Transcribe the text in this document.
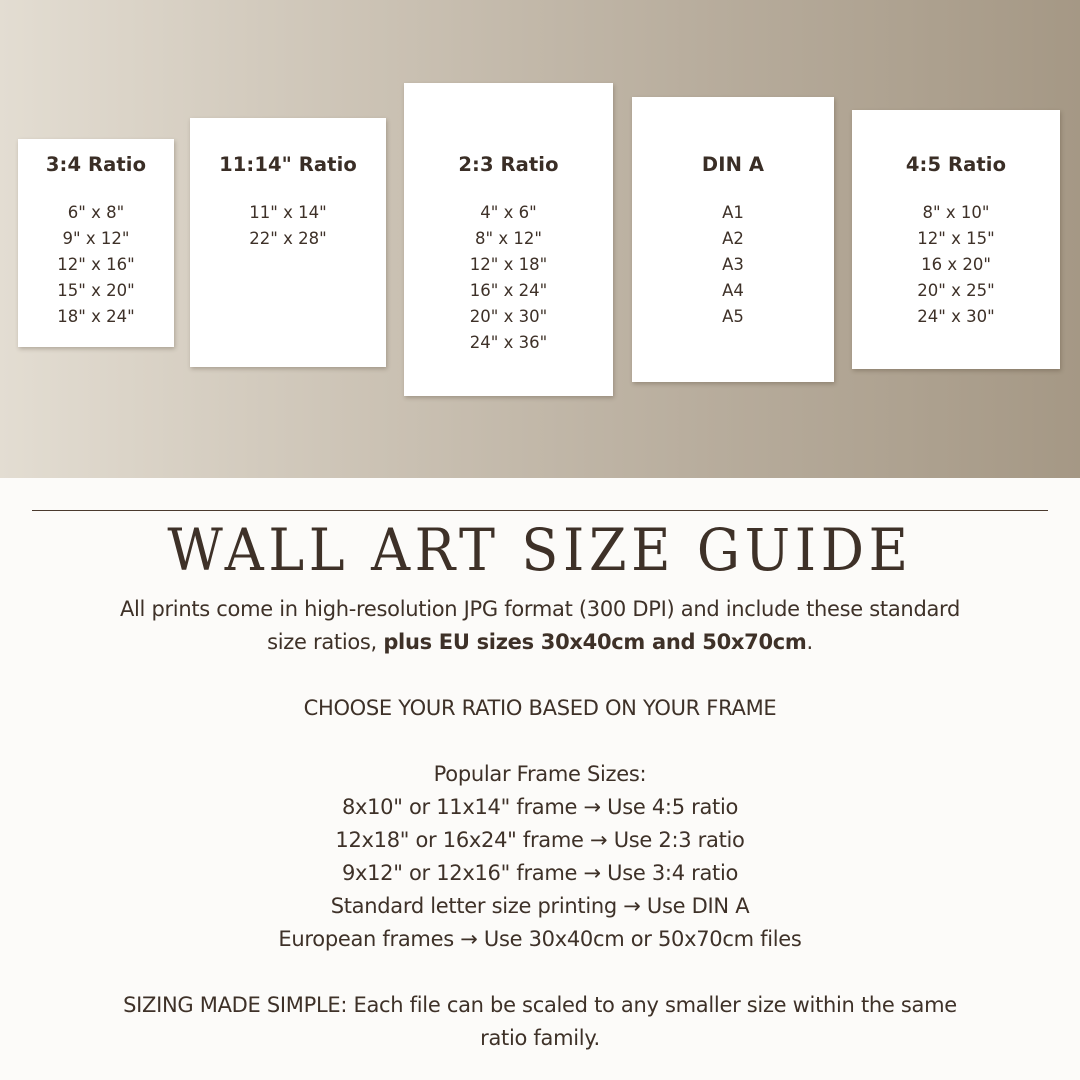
3:4 Ratio
6" x 8"
9" x 12"
12" x 16"
15" x 20"
18" x 24"
11:14" Ratio
11" x 14"
22" x 28"
2:3 Ratio
4" x 6"
8" x 12"
12" x 18"
16" x 24"
20" x 30"
24" x 36"
DIN A
A1
A2
A3
A4
A5
4:5 Ratio
8" x 10"
12" x 15"
16 x 20"
20" x 25"
24" x 30"
WALL ART SIZE GUIDE
All prints come in high-resolution JPG format (300 DPI) and include these standard
size ratios, plus EU sizes 30x40cm and 50x70cm.
CHOOSE YOUR RATIO BASED ON YOUR FRAME
Popular Frame Sizes:
8x10" or 11x14" frame → Use 4:5 ratio
12x18" or 16x24" frame → Use 2:3 ratio
9x12" or 12x16" frame → Use 3:4 ratio
Standard letter size printing → Use DIN A
European frames → Use 30x40cm or 50x70cm files
SIZING MADE SIMPLE: Each file can be scaled to any smaller size within the same
ratio family.
